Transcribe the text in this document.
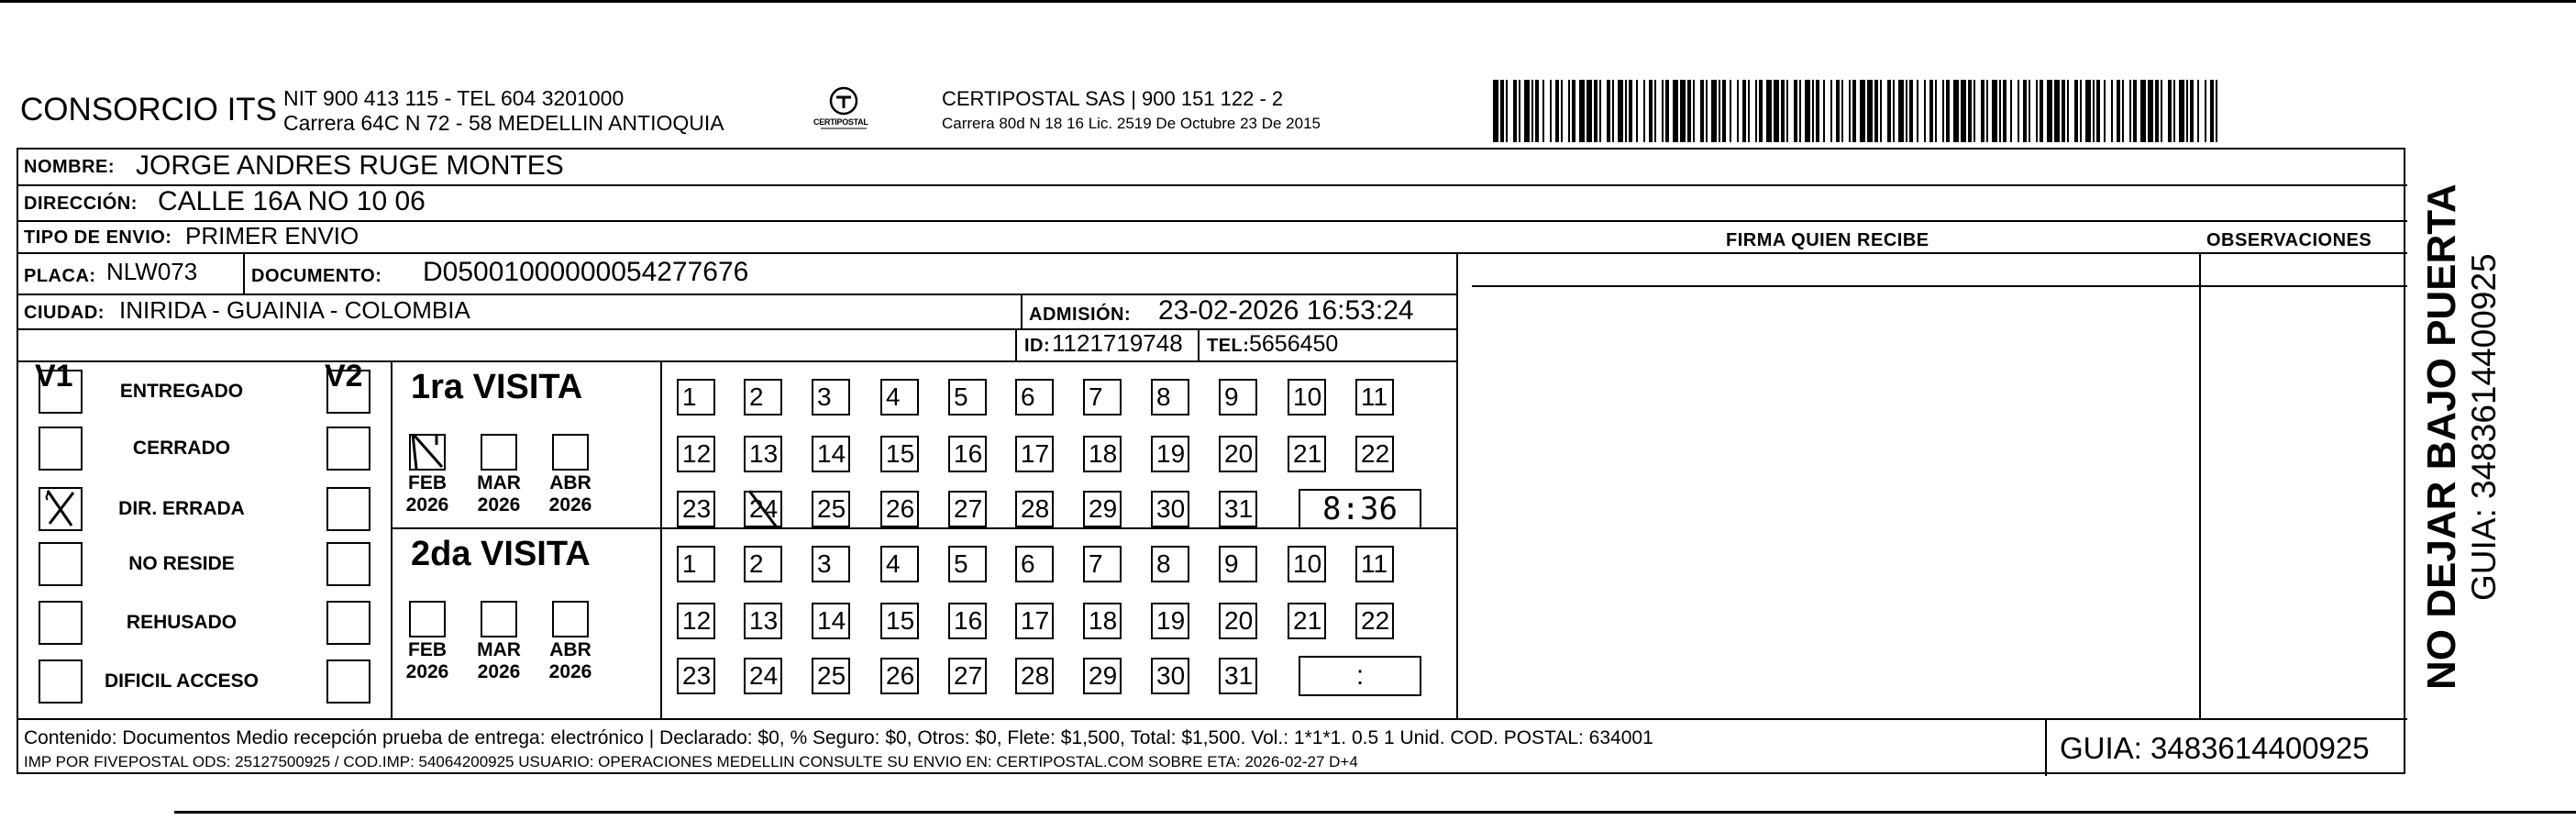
CONSORCIO ITS NIT 900 413 115 - TEL 604 3201000
Carrera 64C N 72 - 58 MEDELLIN ANTIOQUIA	CERTIPOSTAL
CERTIPOSTAL SAS | 900 151 122 - 2
Carrera 80d N 18 16 Lic. 2519 De Octubre 23 De 2015
NOMBRE: JORGE ANDRES RUGE MONTES
DIRECCIÓN: CALLE 16A NO 10 06
TIPO DE ENVIO: PRIMER ENVIO	FIRMA QUIEN RECIBE	OBSERVACIONES
PLACA: NLW073	DOCUMENTO: D05001000000054277676
ADMISIÓN: 23-02-2026 16:53:24
CIUDAD: INIRIDA - GUAINIA - COLOMBIA
ID: 1121719748 TEL: 5656450
V1	V2
ENTREGADO
CERRADO
DIR. ERRADA
NO RESIDE
REHUSADO
DIFICIL ACCESO
1ra VISITA
FEB
2026
MAR
2026
ABR
2026
1	2	3	4	5	6	7	8	9	10 11
12 13 14 15 16 17 18 19 20 21 22
23 24 25 26 27 28 29 30 31	8:36
2da VISITA
FEB
2026
MAR
2026
ABR
2026
1	2	3	4	5	6	7	8	9	10 11
12 13 14 15 16 17 18 19 20 21 22
23 24 25 26 27 28 29 30 31	:
Contenido: Documentos Medio recepción prueba de entrega: electrónico | Declarado: $0, % Seguro: $0, Otros: $0, Flete: $1,500, Total: $1,500. Vol.: 1*1*1. 0.5 1 Unid. COD. POSTAL: 634001
IMP POR FIVEPOSTAL ODS: 25127500925 / COD.IMP: 54064200925 USUARIO: OPERACIONES MEDELLIN CONSULTE SU ENVIO EN: CERTIPOSTAL.COM SOBRE ETA: 2026-02-27 D+4	GUIA: 3483614400925
NO DEJAR BAJO PUERTA GUIA: 3483614400925
